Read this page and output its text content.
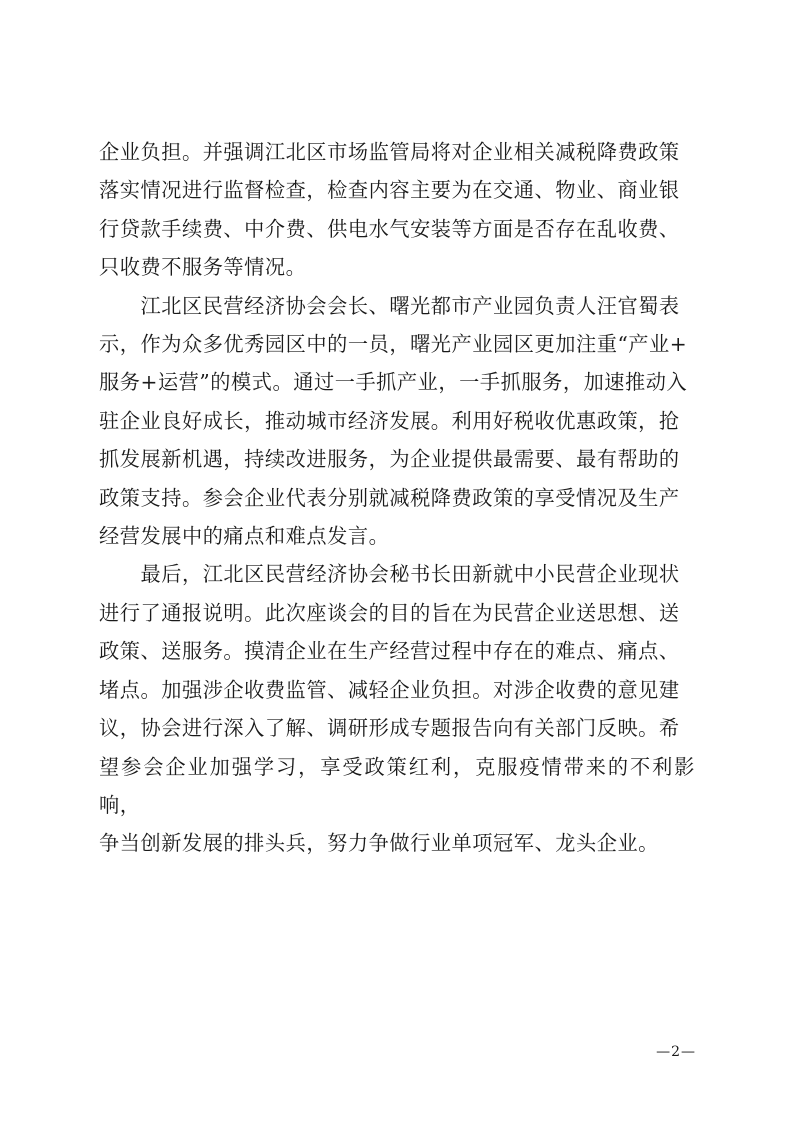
企业负担。并强调江北区市场监管局将对企业相关减税降费政策
落实情况进行监督检查，检查内容主要为在交通、物业、商业银
行贷款手续费、中介费、供电水气安装等方面是否存在乱收费、
只收费不服务等情况。

　　江北区民营经济协会会长、曙光都市产业园负责人汪官蜀表
示，作为众多优秀园区中的一员，曙光产业园区更加注重“产业+
服务+运营”的模式。通过一手抓产业，一手抓服务，加速推动入
驻企业良好成长，推动城市经济发展。利用好税收优惠政策，抢
抓发展新机遇，持续改进服务，为企业提供最需要、最有帮助的
政策支持。参会企业代表分别就减税降费政策的享受情况及生产
经营发展中的痛点和难点发言。

　　最后，江北区民营经济协会秘书长田新就中小民营企业现状
进行了通报说明。此次座谈会的目的旨在为民营企业送思想、送
政策、送服务。摸清企业在生产经营过程中存在的难点、痛点、
堵点。加强涉企收费监管、减轻企业负担。对涉企收费的意见建
议，协会进行深入了解、调研形成专题报告向有关部门反映。希
望参会企业加强学习，享受政策红利，克服疫情带来的不利影响，
争当创新发展的排头兵，努力争做行业单项冠军、龙头企业。

—2—
